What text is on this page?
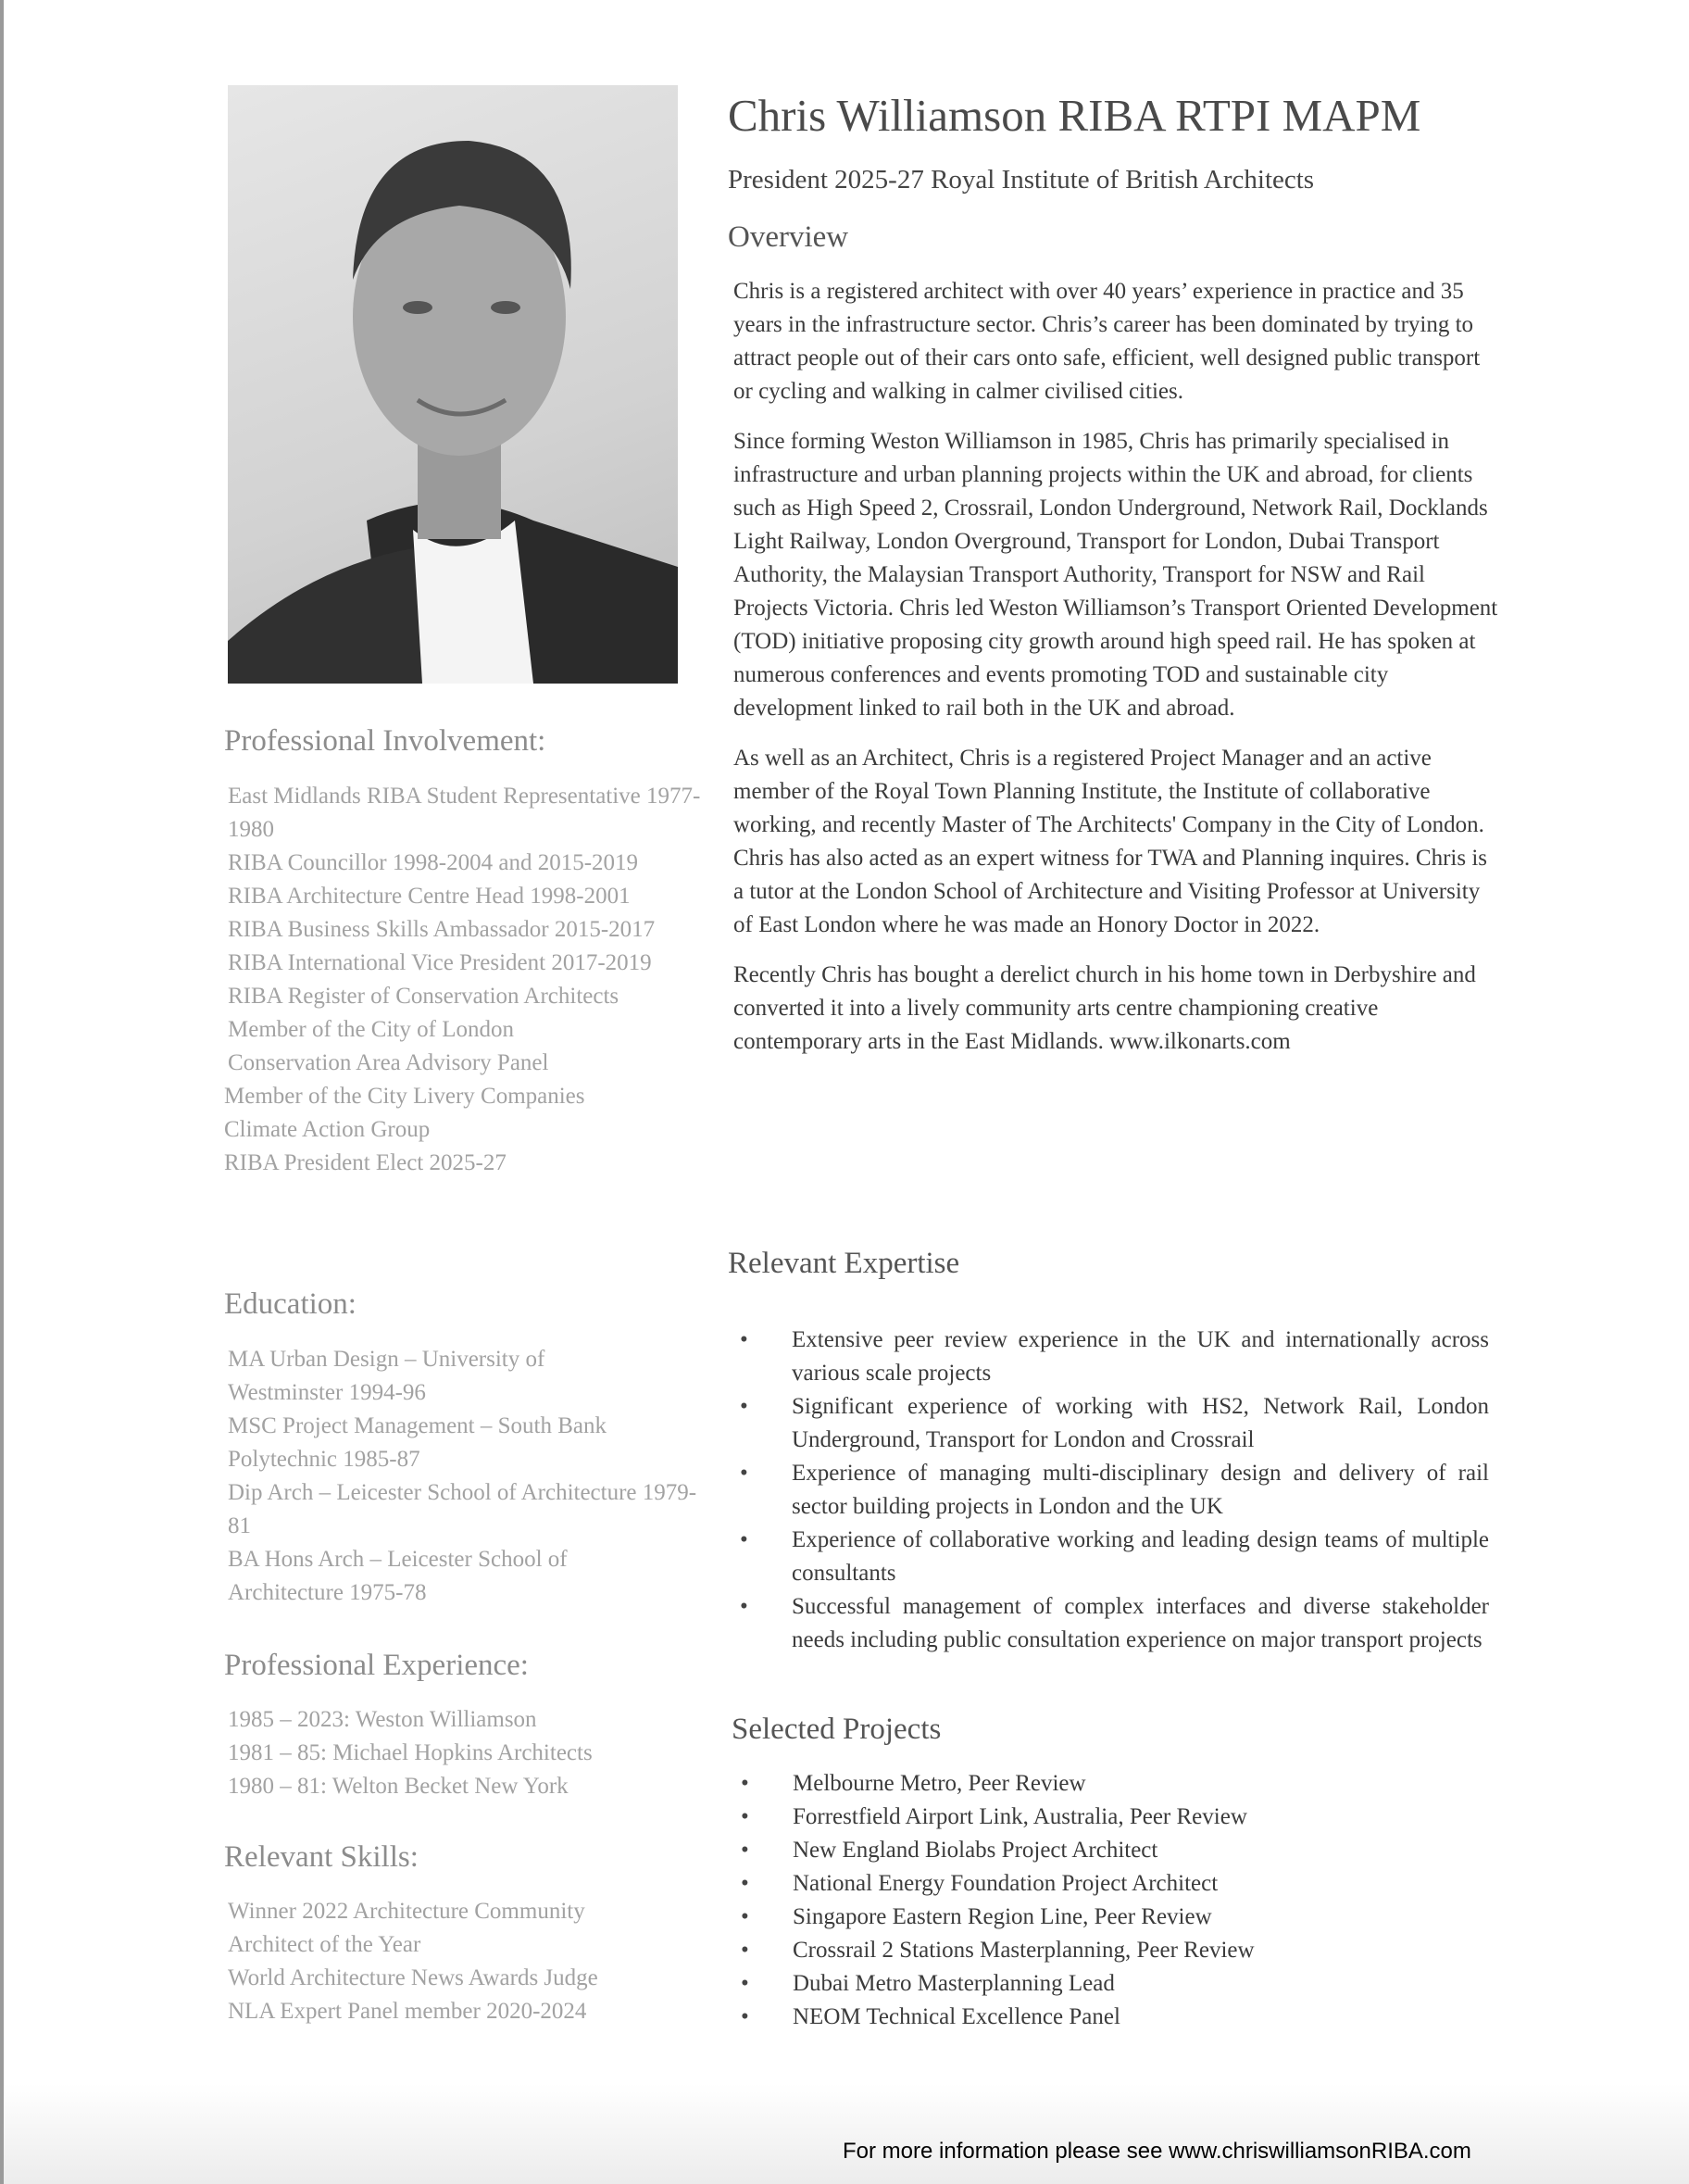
Chris Williamson RIBA RTPI MAPM
President 2025-27 Royal Institute of British Architects
Overview

Chris is a registered architect with over 40 years’ experience in practice and 35 years in the infrastructure sector. Chris’s career has been dominated by trying to attract people out of their cars onto safe, efficient, well designed public transport or cycling and walking in calmer civilised cities.

Since forming Weston Williamson in 1985, Chris has primarily specialised in infrastructure and urban planning projects within the UK and abroad, for clients such as High Speed 2, Crossrail, London Underground, Network Rail, Docklands Light Railway, London Overground, Transport for London, Dubai Transport Authority, the Malaysian Transport Authority, Transport for NSW and Rail Projects Victoria. Chris led Weston Williamson’s Transport Oriented Development (TOD) initiative proposing city growth around high speed rail. He has spoken at numerous conferences and events promoting TOD and sustainable city development linked to rail both in the UK and abroad.

As well as an Architect, Chris is a registered Project Manager and an active member of the Royal Town Planning Institute, the Institute of collaborative working, and recently Master of The Architects' Company in the City of London. Chris has also acted as an expert witness for TWA and Planning inquires. Chris is a tutor at the London School of Architecture and Visiting Professor at University of East London where he was made an Honory Doctor in 2022.

Recently Chris has bought a derelict church in his home town in Derbyshire and converted it into a lively community arts centre championing creative contemporary arts in the East Midlands. www.ilkonarts.com

Relevant Expertise
• Extensive peer review experience in the UK and internationally across various scale projects
• Significant experience of working with HS2, Network Rail, London Underground, Transport for London and Crossrail
• Experience of managing multi-disciplinary design and delivery of rail sector building projects in London and the UK
• Experience of collaborative working and leading design teams of multiple consultants
• Successful management of complex interfaces and diverse stakeholder needs including public consultation experience on major transport projects
Selected Projects
• Melbourne Metro, Peer Review
• Forrestfield Airport Link, Australia, Peer Review
• New England Biolabs Project Architect
• National Energy Foundation Project Architect
• Singapore Eastern Region Line, Peer Review
• Crossrail 2 Stations Masterplanning, Peer Review
• Dubai Metro Masterplanning Lead
• NEOM Technical Excellence Panel
Professional Involvement:
East Midlands RIBA Student Representative 1977-1980
RIBA Councillor 1998-2004 and 2015-2019
RIBA Architecture Centre Head 1998-2001
RIBA Business Skills Ambassador 2015-2017
RIBA International Vice President 2017-2019
RIBA Register of Conservation Architects
Member of the City of London Conservation Area Advisory Panel
Member of the City Livery Companies
Climate Action Group
RIBA President Elect 2025-27
Education:
MA Urban Design – University of Westminster 1994-96
MSC Project Management – South Bank Polytechnic 1985-87
Dip Arch – Leicester School of Architecture 1979-81
BA Hons Arch – Leicester School of Architecture 1975-78
Professional Experience:
1985 – 2023: Weston Williamson
1981 – 85: Michael Hopkins Architects
1980 – 81: Welton Becket New York
Relevant Skills:
Winner 2022 Architecture Community Architect of the Year
World Architecture News Awards Judge
NLA Expert Panel member 2020-2024
For more information please see www.chriswilliamsonRIBA.com
